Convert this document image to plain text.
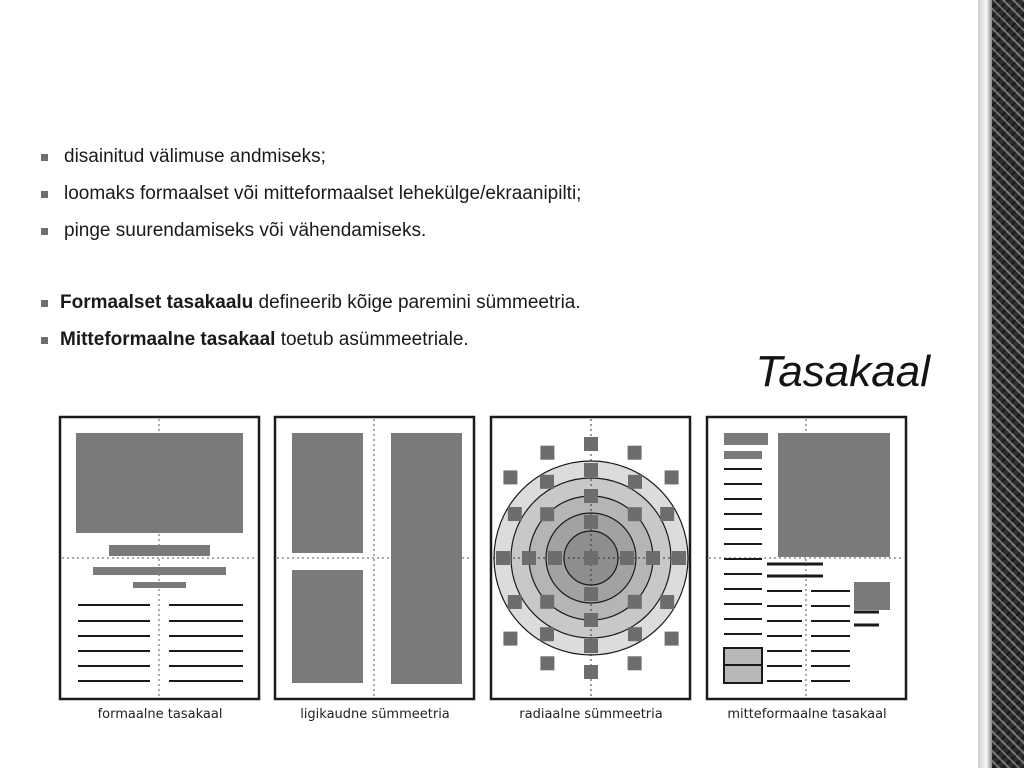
disainitud välimuse andmiseks;
loomaks formaalset või mitteformaalset lehekülge/ekraanipilti;
pinge suurendamiseks või vähendamiseks.
Formaalset tasakaalu defineerib kõige paremini sümmeetria.
Mitteformaalne tasakaal toetub asümmeetriale.
Tasakaal
formaalne tasakaal	ligikaudne sümmeetria	radiaalne sümmeetria	mitteformaalne tasakaal
